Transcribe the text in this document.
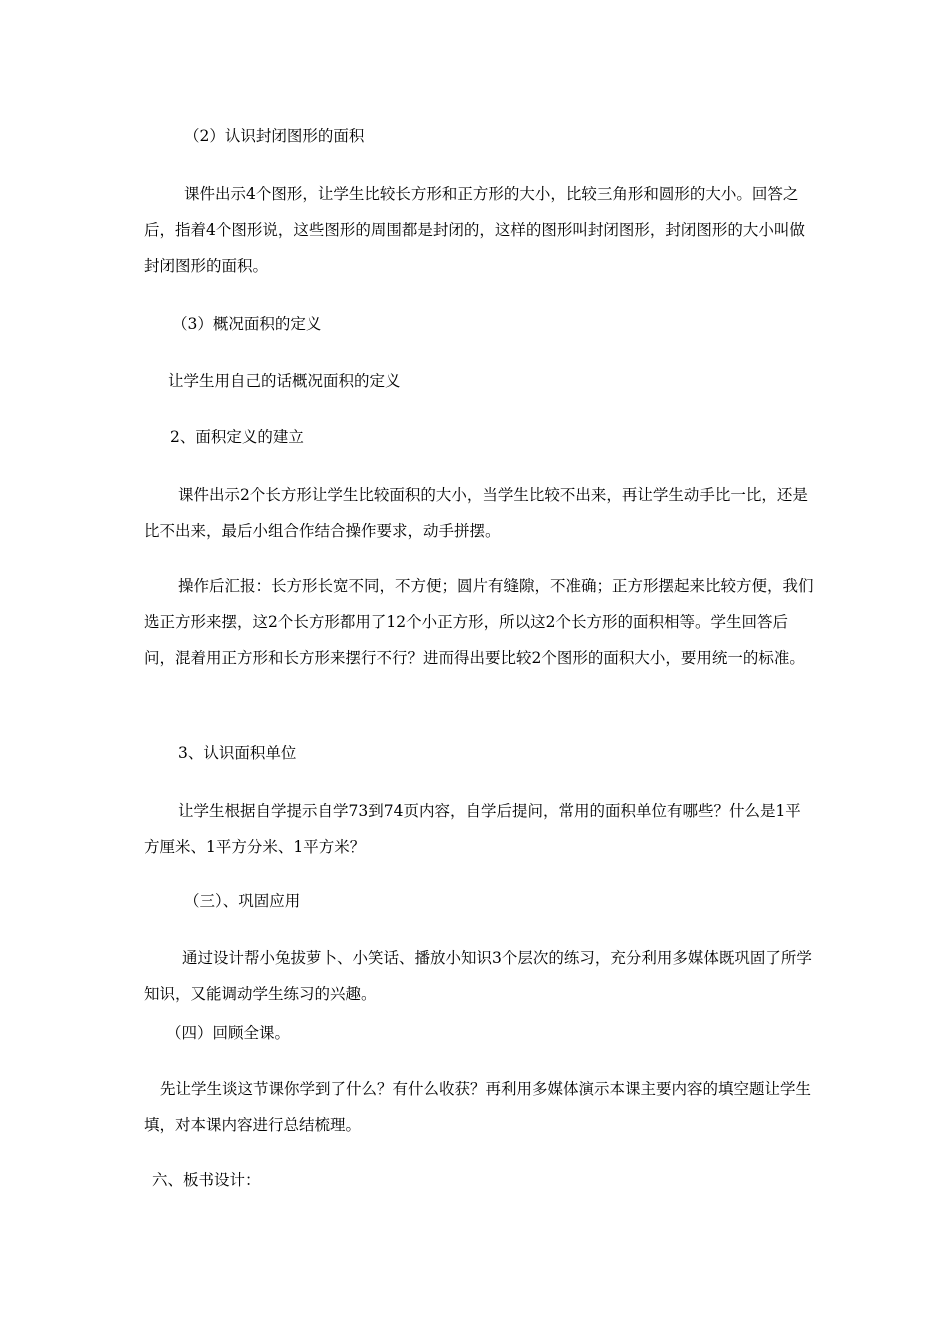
（2）认识封闭图形的面积

课件出示4个图形，让学生比较长方形和正方形的大小，比较三角形和圆形的大小。回答之后，指着4个图形说，这些图形的周围都是封闭的，这样的图形叫封闭图形，封闭图形的大小叫做封闭图形的面积。

（3）概况面积的定义

让学生用自己的话概况面积的定义

2、面积定义的建立

课件出示2个长方形让学生比较面积的大小，当学生比较不出来，再让学生动手比一比，还是比不出来，最后小组合作结合操作要求，动手拼摆。

操作后汇报：长方形长宽不同，不方便；圆片有缝隙，不准确；正方形摆起来比较方便，我们选正方形来摆，这2个长方形都用了12个小正方形，所以这2个长方形的面积相等。学生回答后问，混着用正方形和长方形来摆行不行？进而得出要比较2个图形的面积大小，要用统一的标准。

3、认识面积单位

让学生根据自学提示自学73到74页内容，自学后提问，常用的面积单位有哪些？什么是1平方厘米、1平方分米、1平方米？

（三）、巩固应用

通过设计帮小兔拔萝卜、小笑话、播放小知识3个层次的练习，充分利用多媒体既巩固了所学知识，又能调动学生练习的兴趣。

（四）回顾全课。

先让学生谈这节课你学到了什么？有什么收获？再利用多媒体演示本课主要内容的填空题让学生填，对本课内容进行总结梳理。

六、板书设计：
